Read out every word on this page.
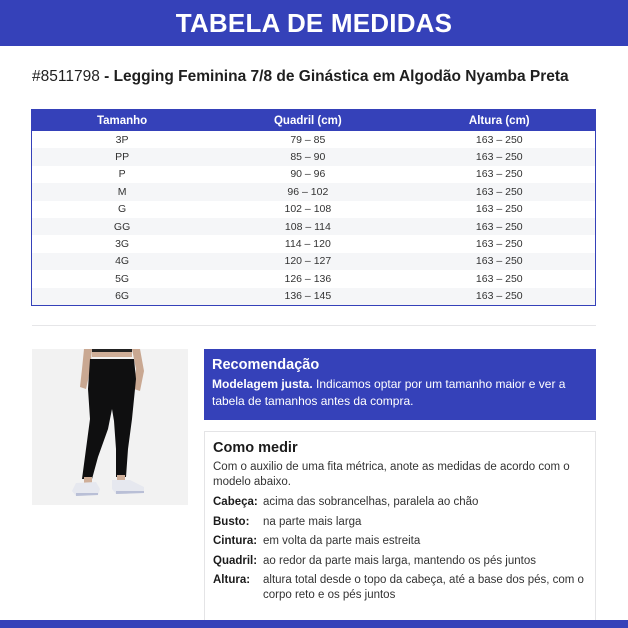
TABELA DE MEDIDAS
#8511798 - Legging Feminina 7/8 de Ginástica em Algodão Nyamba Preta
Tamanho	Quadril (cm)	Altura (cm)
3P	79 – 85	163 – 250
PP	85 – 90	163 – 250
P	90 – 96	163 – 250
M	96 – 102	163 – 250
G	102 – 108	163 – 250
GG	108 – 114	163 – 250
3G	114 – 120	163 – 250
4G	120 – 127	163 – 250
5G	126 – 136	163 – 250
6G	136 – 145	163 – 250
Recomendação

Modelagem justa. Indicamos optar por um tamanho maior e ver a tabela de tamanhos antes da compra.

Como medir

Com o auxilio de uma fita métrica, anote as medidas de acordo com o modelo abaixo.

Cabeça: acima das sobrancelhas, paralela ao chão
Busto:	na parte mais larga
Cintura: em volta da parte mais estreita
Quadril: ao redor da parte mais larga, mantendo os pés juntos
Altura:	altura total desde o topo da cabeça, até a base dos pés, com o corpo reto e os pés juntos
